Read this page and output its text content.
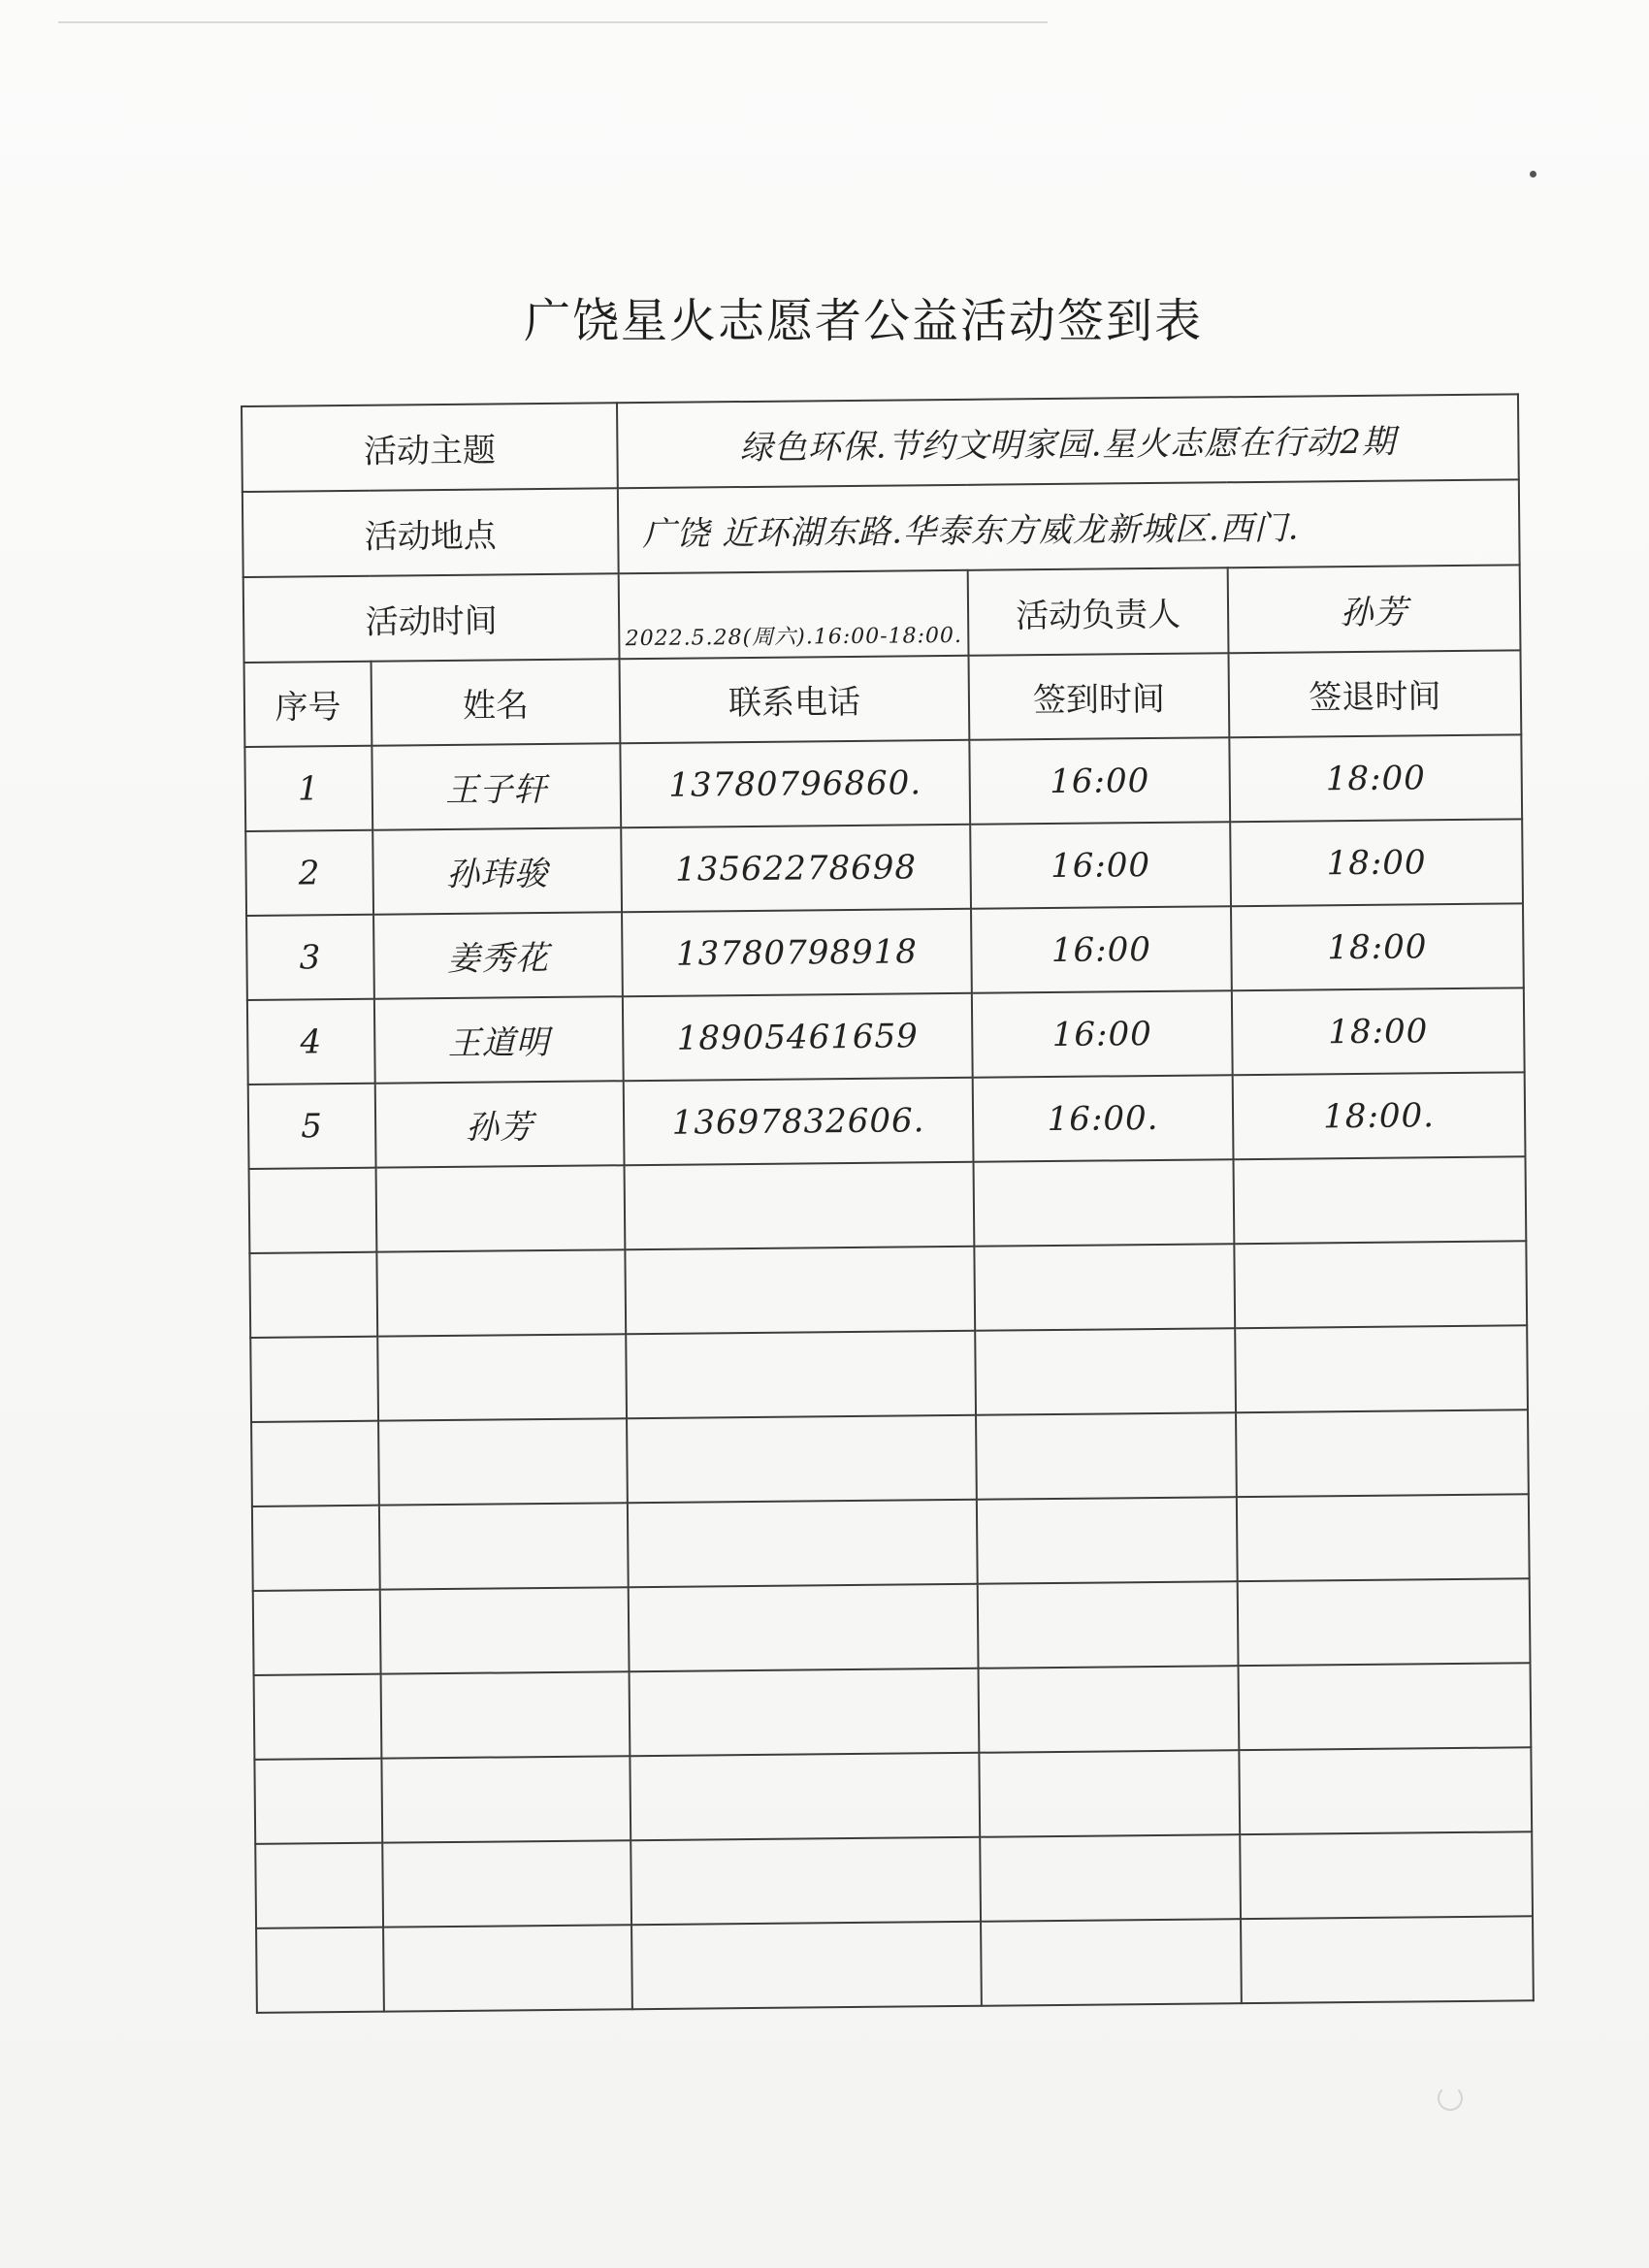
广饶星火志愿者公益活动签到表
活动主题		绿色环保.节约文明家园.星火志愿在行动2期		
活动地点		广饶 近环湖东路.华泰东方威龙新城区.西门.		
活动时间		2022.5.28(周六).16:00-18:00.	活动负责人	孙芳
序号	姓名	联系电话	签到时间	签退时间
1	王子轩	13780796860.	16:00	18:00
2	孙玮骏	13562278698	16:00	18:00
3	姜秀花	13780798918	16:00	18:00
4	王道明	18905461659	16:00	18:00
5	孙芳	13697832606.	16:00.	18:00.
